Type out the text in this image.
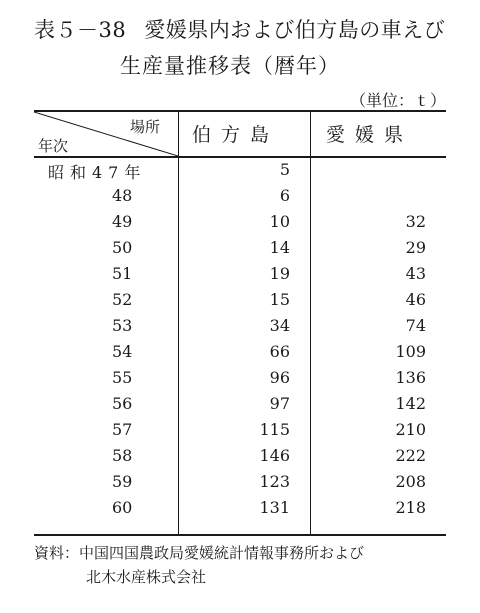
表５－38 愛媛県内および伯方島の車えび
生産量推移表（暦年）
（単位：ｔ）
場所
年次	伯方島 愛媛県
昭和47年	5
48	6
49	10	32
50	14	29
51	19	43
52	15	46
53	34	74
54	66	109
55	96	136
56	97	142
57	115	210
58	146	222
59	123	208
60	131	218
資料：中国四国農政局愛媛統計情報事務所および
北木水産株式会社
